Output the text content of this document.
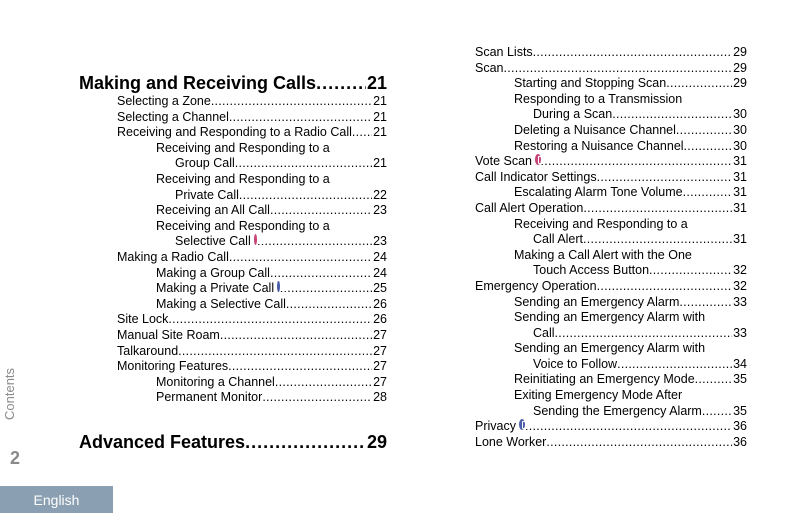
Making and Receiving Calls . . .	21
Selecting a Zone . . .	21
Selecting a Channel . . .	21
Receiving and Responding to a Radio Call . . . 21
Receiving and Responding to a
Group Call . . .	21
Receiving and Responding to a
Private Call . . .	22
Receiving an All Call . . .	23
Receiving and Responding to a
Selective Call . . .	23
Making a Radio Call . . .	24
Making a Group Call . . .	24
Making a Private Call . . .	25
Making a Selective Call . . .	26
Site Lock . . .	26
Manual Site Roam . . .	27
Talkaround . . .	27
Monitoring Features . . .	27
Monitoring a Channel . . .	27
Permanent Monitor . . .	28
Advanced Features . . .	29
Scan Lists . . .	29
Scan . . .	29
Starting and Stopping Scan . . .	29
Responding to a Transmission
During a Scan . . .	30
Deleting a Nuisance Channel . . .	30
Restoring a Nuisance Channel . . .	30
Vote Scan . . .	31
Call Indicator Settings . . .	31
Escalating Alarm Tone Volume . . .	31
Call Alert Operation . . .	31
Receiving and Responding to a
Call Alert . . .	31
Making a Call Alert with the One
Touch Access Button . . .	32
Emergency Operation . . .	32
Sending an Emergency Alarm . . .	33
Sending an Emergency Alarm with
Call . . .	33
Sending an Emergency Alarm with
Voice to Follow . . .	34
Reinitiating an Emergency Mode . . .	35
Exiting Emergency Mode After
Sending the Emergency Alarm . . .	35
Privacy . . .	36
Lone Worker . . .	36
Contents
2
English
